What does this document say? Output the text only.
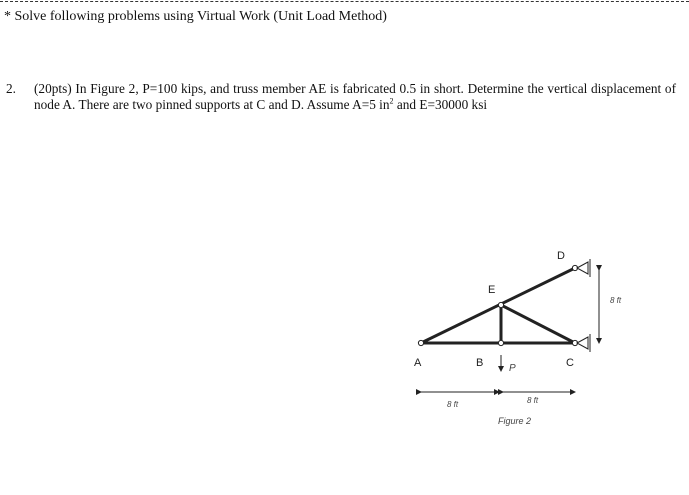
* Solve following problems using Virtual Work (Unit Load Method)
2. (20pts) In Figure 2, P=100 kips, and truss member AE is fabricated 0.5 in short. Determine the vertical displacement of node A. There are two pinned supports at C and D. Assume A=5 $in^2$ and E=30000 ksi
A	B	C
D
E
P
8 ft	8 ft
8 ft
Figure 2
